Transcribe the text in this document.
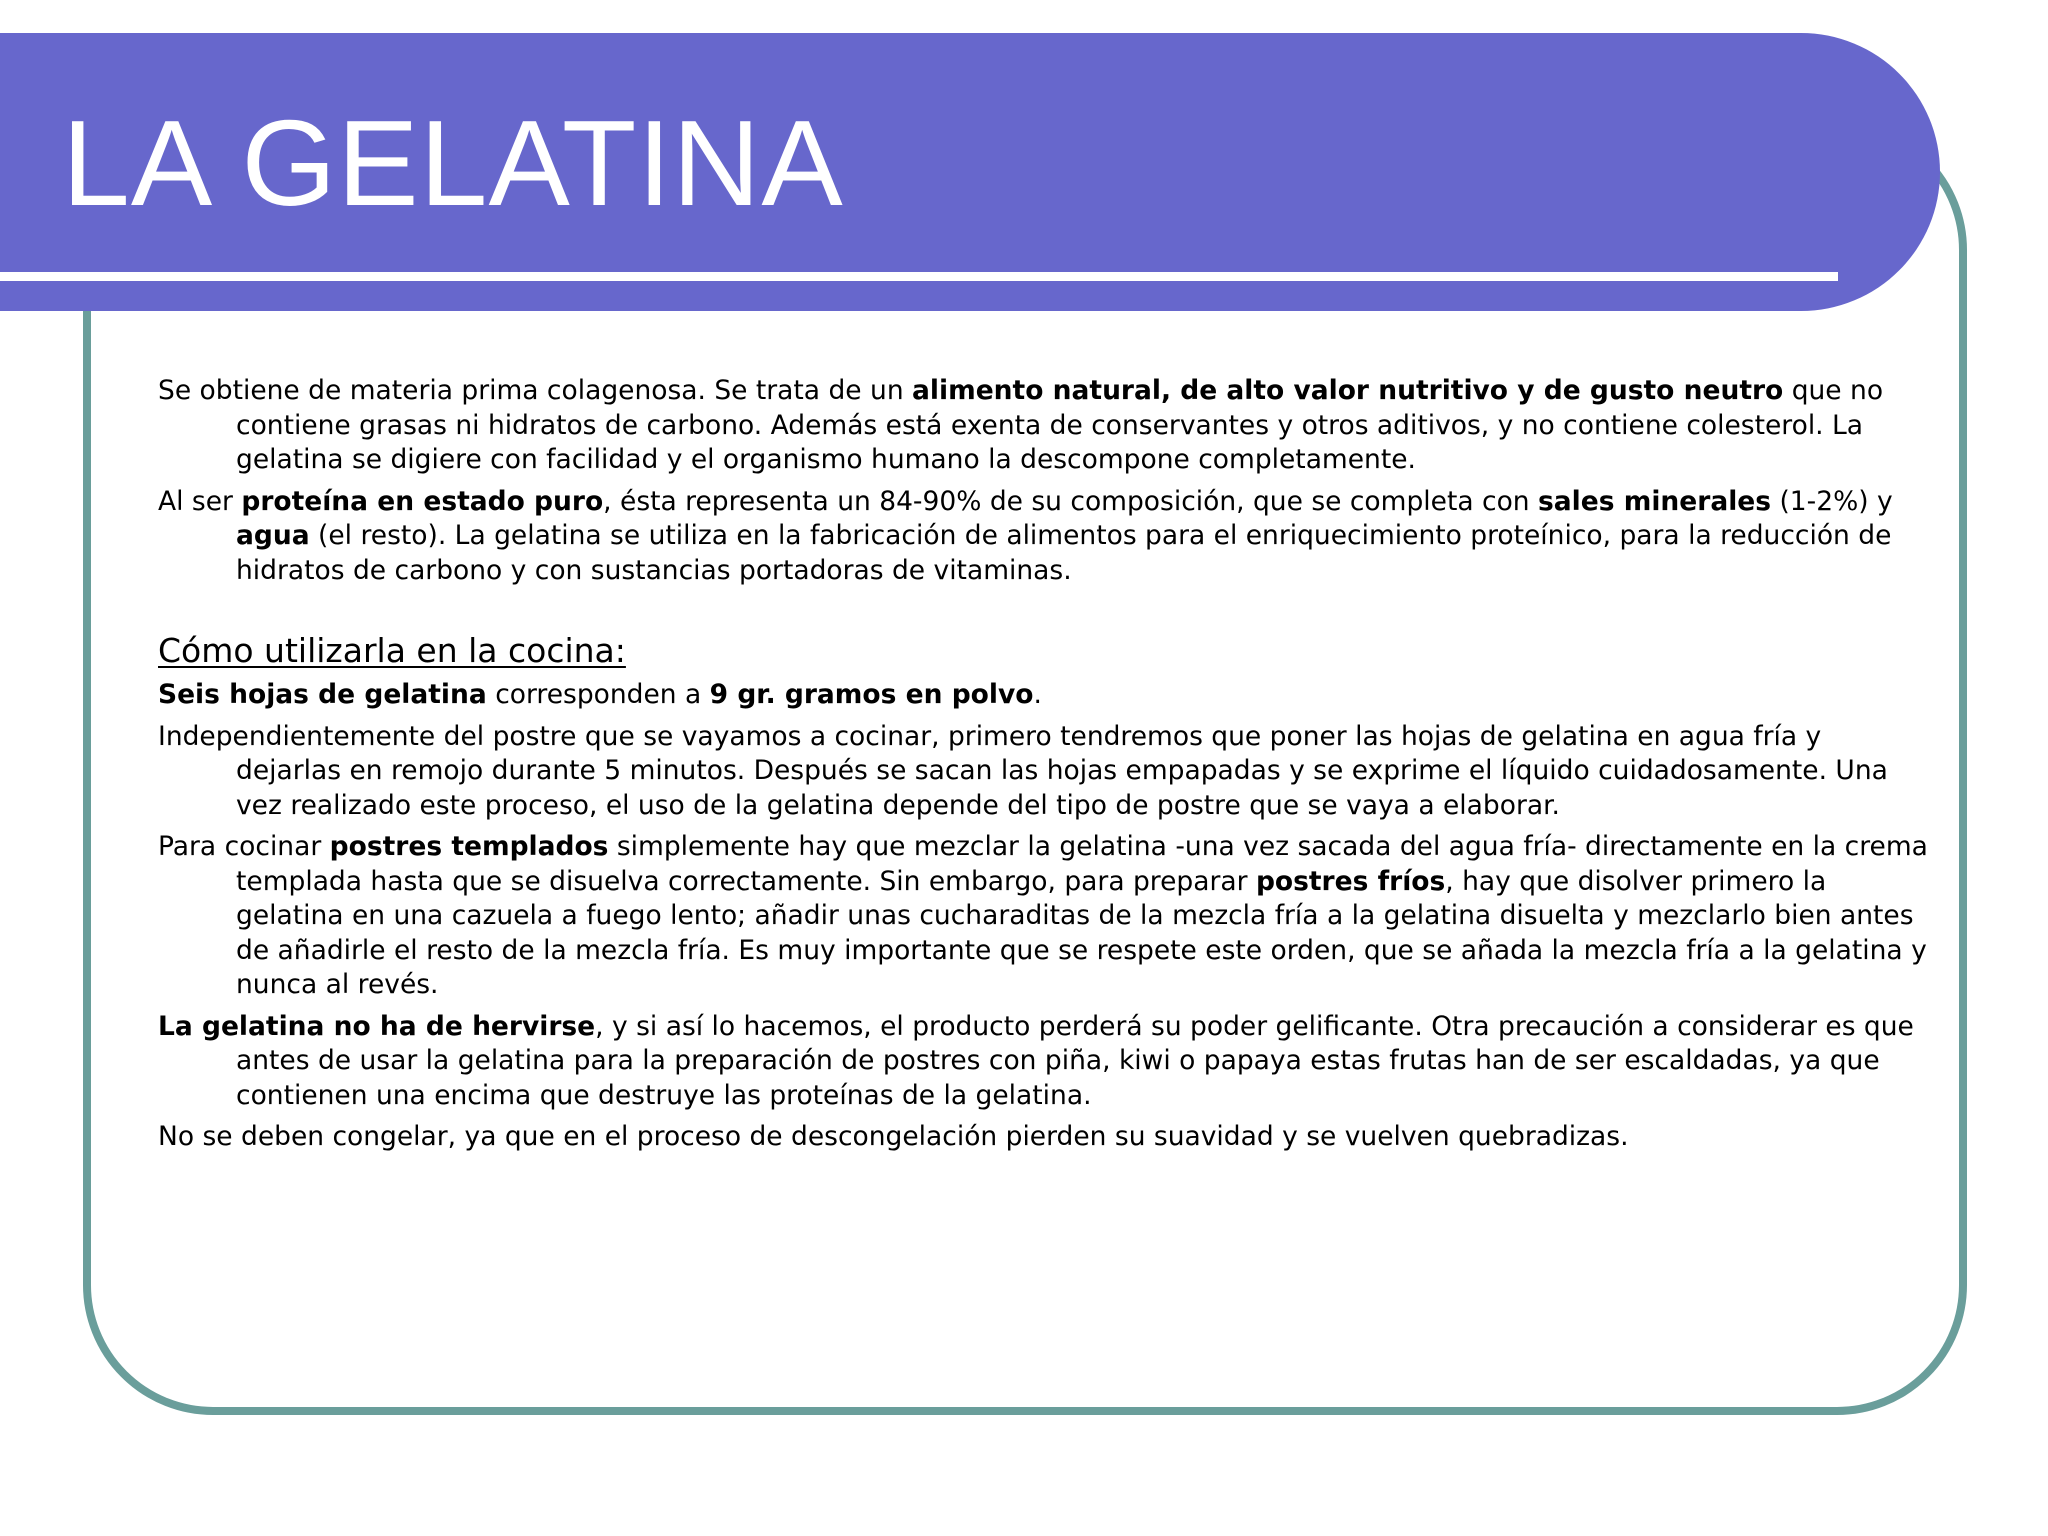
LA GELATINA

Se obtiene de materia prima colagenosa. Se trata de un alimento natural, de alto valor nutritivo y de gusto neutro que no contiene grasas ni hidratos de carbono. Además está exenta de conservantes y otros aditivos, y no contiene colesterol. La gelatina se digiere con facilidad y el organismo humano la descompone completamente.

Al ser proteína en estado puro, ésta representa un 84-90% de su composición, que se completa con sales minerales (1-2%) y agua (el resto). La gelatina se utiliza en la fabricación de alimentos para el enriquecimiento proteínico, para la reducción de hidratos de carbono y con sustancias portadoras de vitaminas.

Cómo utilizarla en la cocina:

Seis hojas de gelatina corresponden a 9 gr. gramos en polvo.

Independientemente del postre que se vayamos a cocinar, primero tendremos que poner las hojas de gelatina en agua fría y dejarlas en remojo durante 5 minutos. Después se sacan las hojas empapadas y se exprime el líquido cuidadosamente. Una vez realizado este proceso, el uso de la gelatina depende del tipo de postre que se vaya a elaborar.

Para cocinar postres templados simplemente hay que mezclar la gelatina -una vez sacada del agua fría- directamente en la crema templada hasta que se disuelva correctamente. Sin embargo, para preparar postres fríos, hay que disolver primero la gelatina en una cazuela a fuego lento; añadir unas cucharaditas de la mezcla fría a la gelatina disuelta y mezclarlo bien antes de añadirle el resto de la mezcla fría. Es muy importante que se respete este orden, que se añada la mezcla fría a la gelatina y nunca al revés.

La gelatina no ha de hervirse, y si así lo hacemos, el producto perderá su poder gelificante. Otra precaución a considerar es que antes de usar la gelatina para la preparación de postres con piña, kiwi o papaya estas frutas han de ser escaldadas, ya que contienen una encima que destruye las proteínas de la gelatina.

No se deben congelar, ya que en el proceso de descongelación pierden su suavidad y se vuelven quebradizas.
